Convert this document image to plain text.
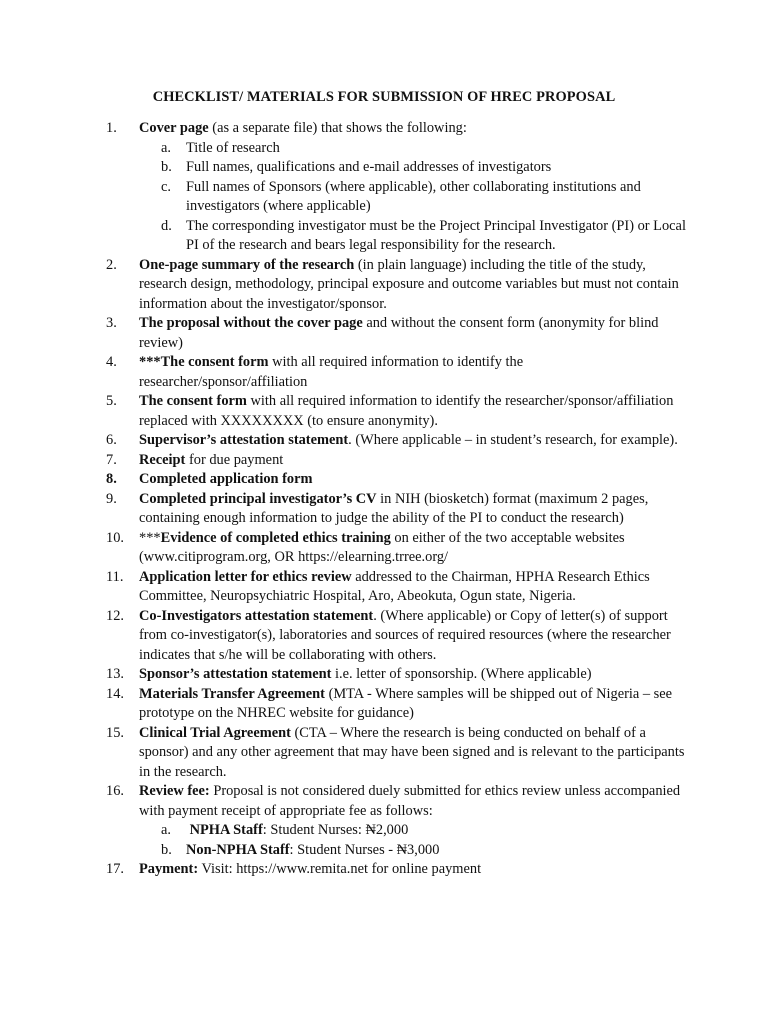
CHECKLIST/ MATERIALS FOR SUBMISSION OF HREC PROPOSAL
1.	Cover page (as a separate file) that shows the following:
a. Title of research
b. Full names, qualifications and e-mail addresses of investigators
c. Full names of Sponsors (where applicable), other collaborating institutions and investigators (where applicable)
d. The corresponding investigator must be the Project Principal Investigator (PI) or Local PI of the research and bears legal responsibility for the research.
2.	One-page summary of the research (in plain language) including the title of the study, research design, methodology, principal exposure and outcome variables but must not contain information about the investigator/sponsor.
3.	The proposal without the cover page and without the consent form (anonymity for blind review)
4.	***The consent form with all required information to identify the researcher/sponsor/affiliation
5.	The consent form with all required information to identify the researcher/sponsor/affiliation replaced with XXXXXXXX (to ensure anonymity).
6.	Supervisor’s attestation statement. (Where applicable – in student’s research, for example).
7.	Receipt for due payment
8.	Completed application form
9.	Completed principal investigator’s CV in NIH (biosketch) format (maximum 2 pages, containing enough information to judge the ability of the PI to conduct the research)
10.	***Evidence of completed ethics training on either of the two acceptable websites (www.citiprogram.org, OR https://elearning.trree.org/
11.	Application letter for ethics review addressed to the Chairman, HPHA Research Ethics Committee, Neuropsychiatric Hospital, Aro, Abeokuta, Ogun state, Nigeria.
12.	Co-Investigators attestation statement. (Where applicable) or Copy of letter(s) of support from co-investigator(s), laboratories and sources of required resources (where the researcher indicates that s/he will be collaborating with others.
13.	Sponsor’s attestation statement i.e. letter of sponsorship. (Where applicable)
14.	Materials Transfer Agreement (MTA - Where samples will be shipped out of Nigeria – see prototype on the NHREC website for guidance)
15.	Clinical Trial Agreement (CTA – Where the research is being conducted on behalf of a sponsor) and any other agreement that may have been signed and is relevant to the participants in the research.
16.	Review fee: Proposal is not considered duely submitted for ethics review unless accompanied with payment receipt of appropriate fee as follows:
a. NPHA Staff: Student Nurses: ₦2,000
b. Non-NPHA Staff: Student Nurses - ₦3,000
17.	Payment: Visit: https://www.remita.net for online payment
